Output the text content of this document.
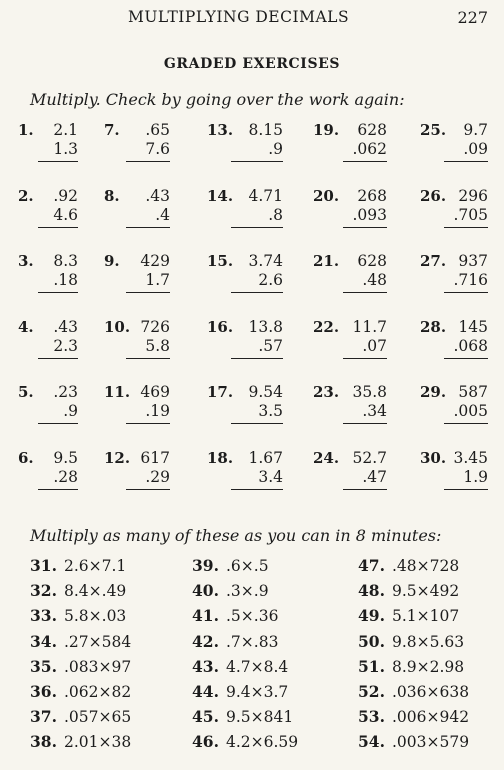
MULTIPLYING DECIMALS	227
GRADED EXERCISES
Multiply. Check by going over the work again:
1. 2.1
1.3
2. .92
4.6
3. 8.3
.18
4. .43
2.3
5. .23
.9
6. 9.5
.28
7. .65
7.6
8. .43
.4
9. 429
1.7
10. 726
5.8
11. 469
.19
12. 617
.29
13. 8.15
.9
14. 4.71
.8
15. 3.74
2.6
16. 13.8
.57
17. 9.54
3.5
18. 1.67
3.4
19. 628
.062
20. 268
.093
21. 628
.48
22. 11.7
.07
23. 35.8
.34
24. 52.7
.47
25. 9.7
.09
26. 296
.705
27. 937
.716
28. 145
.068
29. 587
.005
30. 3.45
1.9
Multiply as many of these as you can in 8 minutes:
31. 2.6×7.1
32. 8.4×.49
33. 5.8×.03
34. .27×584
35. .083×97
36. .062×82
37. .057×65
38. 2.01×38
39. .6×.5
40. .3×.9
41. .5×.36
42. .7×.83
43. 4.7×8.4
44. 9.4×3.7
45. 9.5×841
46. 4.2×6.59
47. .48×728
48. 9.5×492
49. 5.1×107
50. 9.8×5.63
51. 8.9×2.98
52. .036×638
53. .006×942
54. .003×579
